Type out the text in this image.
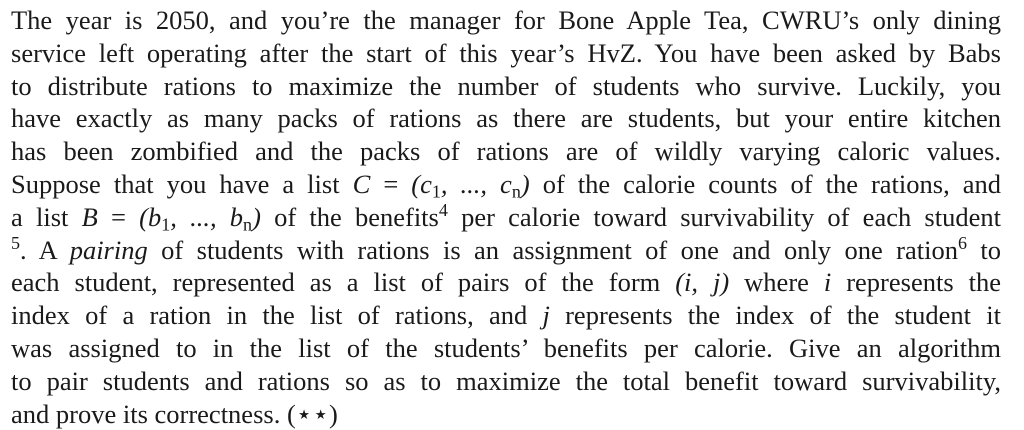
The year is 2050, and you’re the manager for Bone Apple Tea, CWRU’s only dining
service left operating after the start of this year’s HvZ. You have been asked by Babs
to distribute rations to maximize the number of students who survive. Luckily, you
have exactly as many packs of rations as there are students, but your entire kitchen
has been zombified and the packs of rations are of wildly varying caloric values.
Suppose that you have a list $C = (c_1$, ..., $c_n$) of the calorie counts of the rations, and
a list $B = (b_1$, ..., $b_n$) of the benefits$^4$ per calorie toward survivability of each student
$^5$. A pairing of students with rations is an assignment of one and only one ration$^6$ to
each student, represented as a list of pairs of the form (i, j) where i represents the
index of a ration in the list of rations, and j represents the index of the student it
was assigned to in the list of the students’ benefits per calorie. Give an algorithm
to pair students and rations so as to maximize the total benefit toward survivability,
and prove its correctness. (⋆⋆)
